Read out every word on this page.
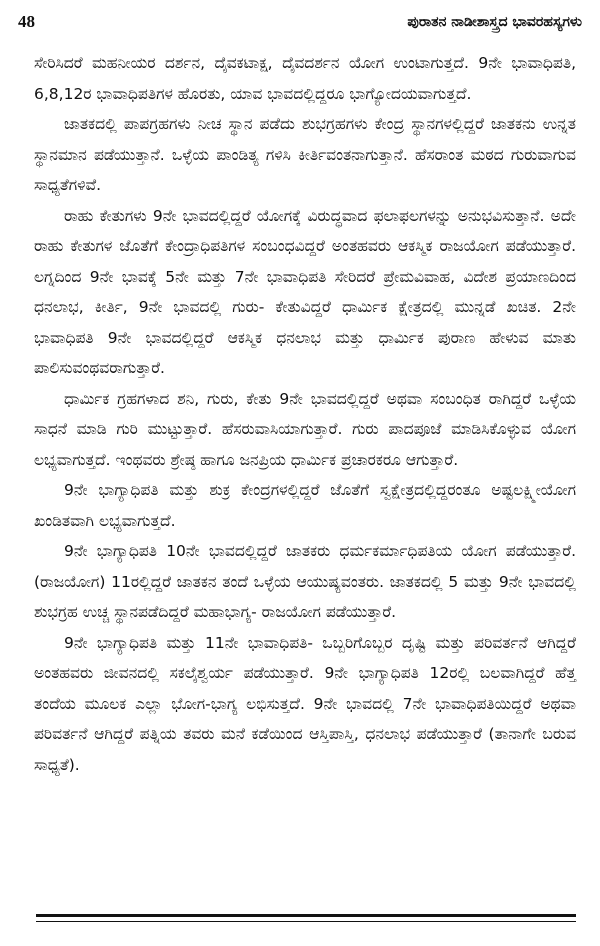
48	ಪುರಾತನ ನಾಡೀಶಾಸ್ತ್ರದ ಭಾವರಹಸ್ಯಗಳು

ಸೇರಿಸಿದರೆ ಮಹನೀಯರ ದರ್ಶನ, ದೈವಕಟಾಕ್ಷ, ದೈವದರ್ಶನ ಯೋಗ ಉಂಟಾಗುತ್ತದೆ. 9ನೇ ಭಾವಾಧಿಪತಿ, 6,8,12ರ ಭಾವಾಧಿಪತಿಗಳ ಹೊರತು, ಯಾವ ಭಾವದಲ್ಲಿದ್ದರೂ ಭಾಗ್ಯೋದಯವಾಗುತ್ತದೆ.

ಜಾತಕದಲ್ಲಿ ಪಾಪಗ್ರಹಗಳು ನೀಚ ಸ್ಥಾನ ಪಡೆದು ಶುಭಗ್ರಹಗಳು ಕೇಂದ್ರ ಸ್ಥಾನಗಳಲ್ಲಿದ್ದರೆ ಜಾತಕನು ಉನ್ನತ ಸ್ಥಾನಮಾನ ಪಡೆಯುತ್ತಾನೆ. ಒಳ್ಳೆಯ ಪಾಂಡಿತ್ಯ ಗಳಿಸಿ ಕೀರ್ತಿವಂತನಾಗುತ್ತಾನೆ. ಹೆಸರಾಂತ ಮಠದ ಗುರುವಾಗುವ ಸಾಧ್ಯತೆಗಳಿವೆ.

ರಾಹು ಕೇತುಗಳು 9ನೇ ಭಾವದಲ್ಲಿದ್ದರೆ ಯೋಗಕ್ಕೆ ವಿರುದ್ಧವಾದ ಫಲಾಫಲಗಳನ್ನು ಅನುಭವಿಸುತ್ತಾನೆ. ಅದೇ ರಾಹು ಕೇತುಗಳ ಜೊತೆಗೆ ಕೇಂದ್ರಾಧಿಪತಿಗಳ ಸಂಬಂಧವಿದ್ದರೆ ಅಂತಹವರು ಆಕಸ್ಮಿಕ ರಾಜಯೋಗ ಪಡೆಯುತ್ತಾರೆ. ಲಗ್ನದಿಂದ 9ನೇ ಭಾವಕ್ಕೆ 5ನೇ ಮತ್ತು 7ನೇ ಭಾವಾಧಿಪತಿ ಸೇರಿದರೆ ಪ್ರೇಮವಿವಾಹ, ವಿದೇಶ ಪ್ರಯಾಣದಿಂದ ಧನಲಾಭ, ಕೀರ್ತಿ, 9ನೇ ಭಾವದಲ್ಲಿ ಗುರು- ಕೇತುವಿದ್ದರೆ ಧಾರ್ಮಿಕ ಕ್ಷೇತ್ರದಲ್ಲಿ ಮುನ್ನಡೆ ಖಚಿತ. 2ನೇ ಭಾವಾಧಿಪತಿ 9ನೇ ಭಾವದಲ್ಲಿದ್ದರೆ ಆಕಸ್ಮಿಕ ಧನಲಾಭ ಮತ್ತು ಧಾರ್ಮಿಕ ಪುರಾಣ ಹೇಳುವ ಮಾತು ಪಾಲಿಸುವಂಥವರಾಗುತ್ತಾರೆ.

ಧಾರ್ಮಿಕ ಗ್ರಹಗಳಾದ ಶನಿ, ಗುರು, ಕೇತು 9ನೇ ಭಾವದಲ್ಲಿದ್ದರೆ ಅಥವಾ ಸಂಬಂಧಿತ ರಾಗಿದ್ದರೆ ಒಳ್ಳೆಯ ಸಾಧನೆ ಮಾಡಿ ಗುರಿ ಮುಟ್ಟುತ್ತಾರೆ. ಹೆಸರುವಾಸಿಯಾಗುತ್ತಾರೆ. ಗುರು ಪಾದಪೂಜೆ ಮಾಡಿಸಿಕೊಳ್ಳುವ ಯೋಗ ಲಭ್ಯವಾಗುತ್ತದೆ. ಇಂಥವರು ಶ್ರೇಷ್ಠ ಹಾಗೂ ಜನಪ್ರಿಯ ಧಾರ್ಮಿಕ ಪ್ರಚಾರಕರೂ ಆಗುತ್ತಾರೆ.

9ನೇ ಭಾಗ್ಯಾಧಿಪತಿ ಮತ್ತು ಶುಕ್ರ ಕೇಂದ್ರಗಳಲ್ಲಿದ್ದರೆ ಜೊತೆಗೆ ಸ್ವಕ್ಷೇತ್ರದಲ್ಲಿದ್ದರಂತೂ ಅಷ್ಟಲಕ್ಷ್ಮೀಯೋಗ ಖಂಡಿತವಾಗಿ ಲಭ್ಯವಾಗುತ್ತದೆ.

9ನೇ ಭಾಗ್ಯಾಧಿಪತಿ 10ನೇ ಭಾವದಲ್ಲಿದ್ದರೆ ಜಾತಕರು ಧರ್ಮಕರ್ಮಾಧಿಪತಿಯ ಯೋಗ ಪಡೆಯುತ್ತಾರೆ. (ರಾಜಯೋಗ) 11ರಲ್ಲಿದ್ದರೆ ಜಾತಕನ ತಂದೆ ಒಳ್ಳೆಯ ಆಯುಷ್ಯವಂತರು. ಜಾತಕದಲ್ಲಿ 5 ಮತ್ತು 9ನೇ ಭಾವದಲ್ಲಿ ಶುಭಗ್ರಹ ಉಚ್ಚ ಸ್ಥಾನಪಡೆದಿದ್ದರೆ ಮಹಾಭಾಗ್ಯ- ರಾಜಯೋಗ ಪಡೆಯುತ್ತಾರೆ.

9ನೇ ಭಾಗ್ಯಾಧಿಪತಿ ಮತ್ತು 11ನೇ ಭಾವಾಧಿಪತಿ- ಒಬ್ಬರಿಗೊಬ್ಬರ ದೃಷ್ಟಿ ಮತ್ತು ಪರಿವರ್ತನೆ ಆಗಿದ್ದರೆ ಅಂತಹವರು ಜೀವನದಲ್ಲಿ ಸಕಲೈಶ್ವರ್ಯ ಪಡೆಯುತ್ತಾರೆ. 9ನೇ ಭಾಗ್ಯಾಧಿಪತಿ 12ರಲ್ಲಿ ಬಲವಾಗಿದ್ದರೆ ಹೆತ್ತ ತಂದೆಯ ಮೂಲಕ ಎಲ್ಲಾ ಭೋಗ-ಭಾಗ್ಯ ಲಭಿಸುತ್ತದೆ. 9ನೇ ಭಾವದಲ್ಲಿ 7ನೇ ಭಾವಾಧಿಪತಿಯಿದ್ದರೆ ಅಥವಾ ಪರಿವರ್ತನೆ ಆಗಿದ್ದರೆ ಪತ್ನಿಯ ತವರು ಮನೆ ಕಡೆಯಿಂದ ಆಸ್ತಿಪಾಸ್ತಿ, ಧನಲಾಭ ಪಡೆಯುತ್ತಾರೆ (ತಾನಾಗೇ ಬರುವ ಸಾಧ್ಯತೆ).
